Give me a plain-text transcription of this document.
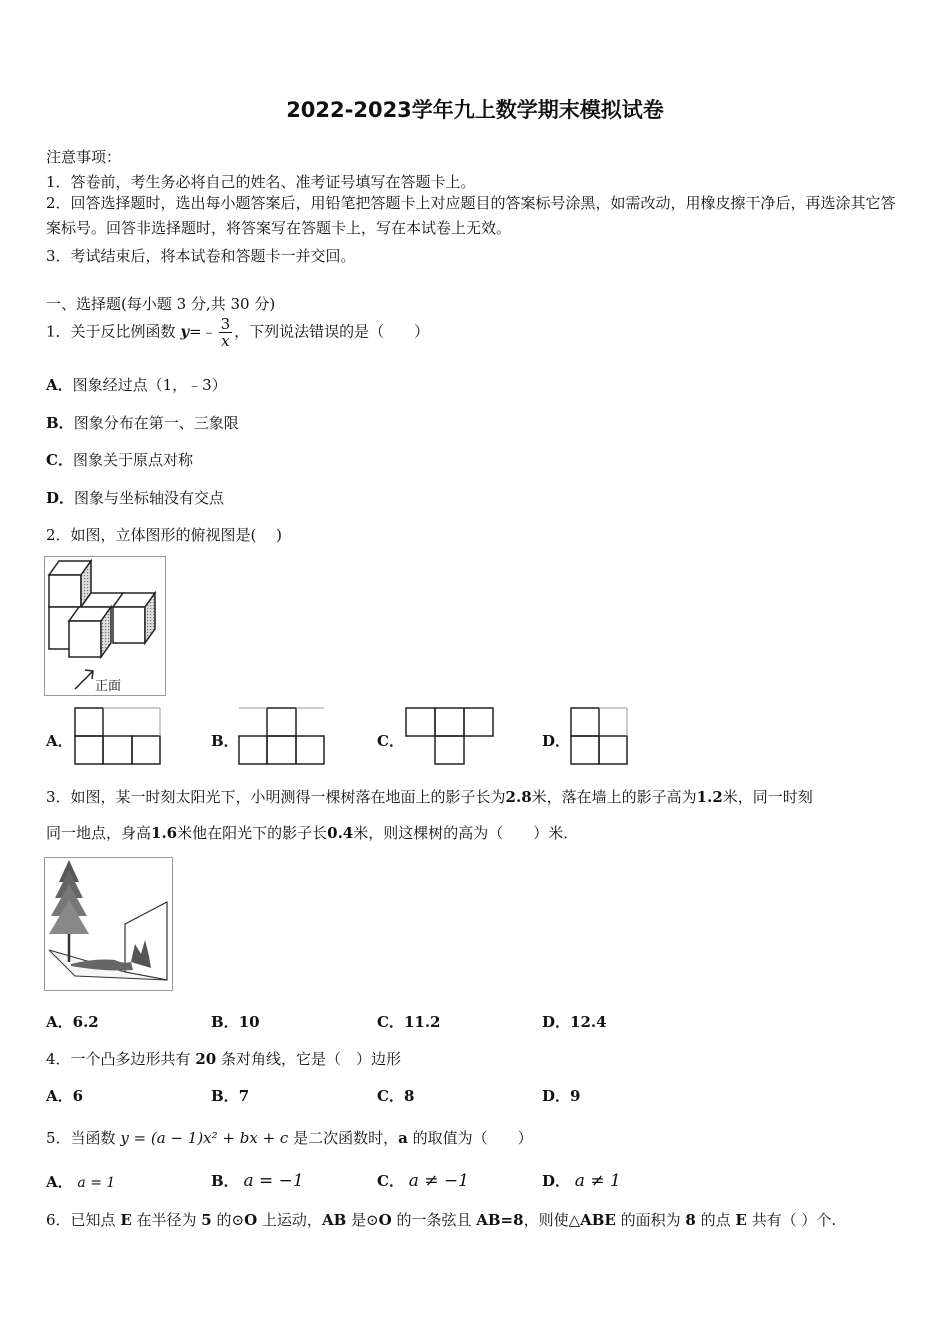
2022-2023学年九上数学期末模拟试卷
注意事项：
1．答卷前，考生务必将自己的姓名、准考证号填写在答题卡上。
2．回答选择题时，选出每小题答案后，用铅笔把答题卡上对应题目的答案标号涂黑，如需改动，用橡皮擦干净后，再选涂其它答案标号。回答非选择题时，将答案写在答题卡上，写在本试卷上无效。
3．考试结束后，将本试卷和答题卡一并交回。
一、选择题(每小题 3 分,共 30 分)
1．关于反比例函数 y=﹣ $\frac{3}{x}$ ，下列说法错误的是（　　）
A．图象经过点（1，﹣3）
B．图象分布在第一、三象限
C．图象关于原点对称
D．图象与坐标轴没有交点
2．如图，立体图形的俯视图是(　 )
正面
A．	B．	C．	D．
3．如图，某一时刻太阳光下，小明测得一棵树落在地面上的影子长为2.8米，落在墙上的影子高为1.2米，同一时刻
同一地点，身高1.6米他在阳光下的影子长0.4米，则这棵树的高为（　　）米．
A．6.2	B．10	C．11.2	D．12.4
4．一个凸多边形共有 20 条对角线，它是（　）边形
A．6	B．7	C．8	D．9
5．当函数 y = (a − 1)x² + bx + c 是二次函数时，a 的取值为（　　）
A． a = 1	B． a = −1	C． a ≠ −1	D． a ≠ 1
6．已知点 E 在半径为 5 的⊙O 上运动，AB 是⊙O 的一条弦且 AB=8，则使△ABE 的面积为 8 的点 E 共有（ ）个.
